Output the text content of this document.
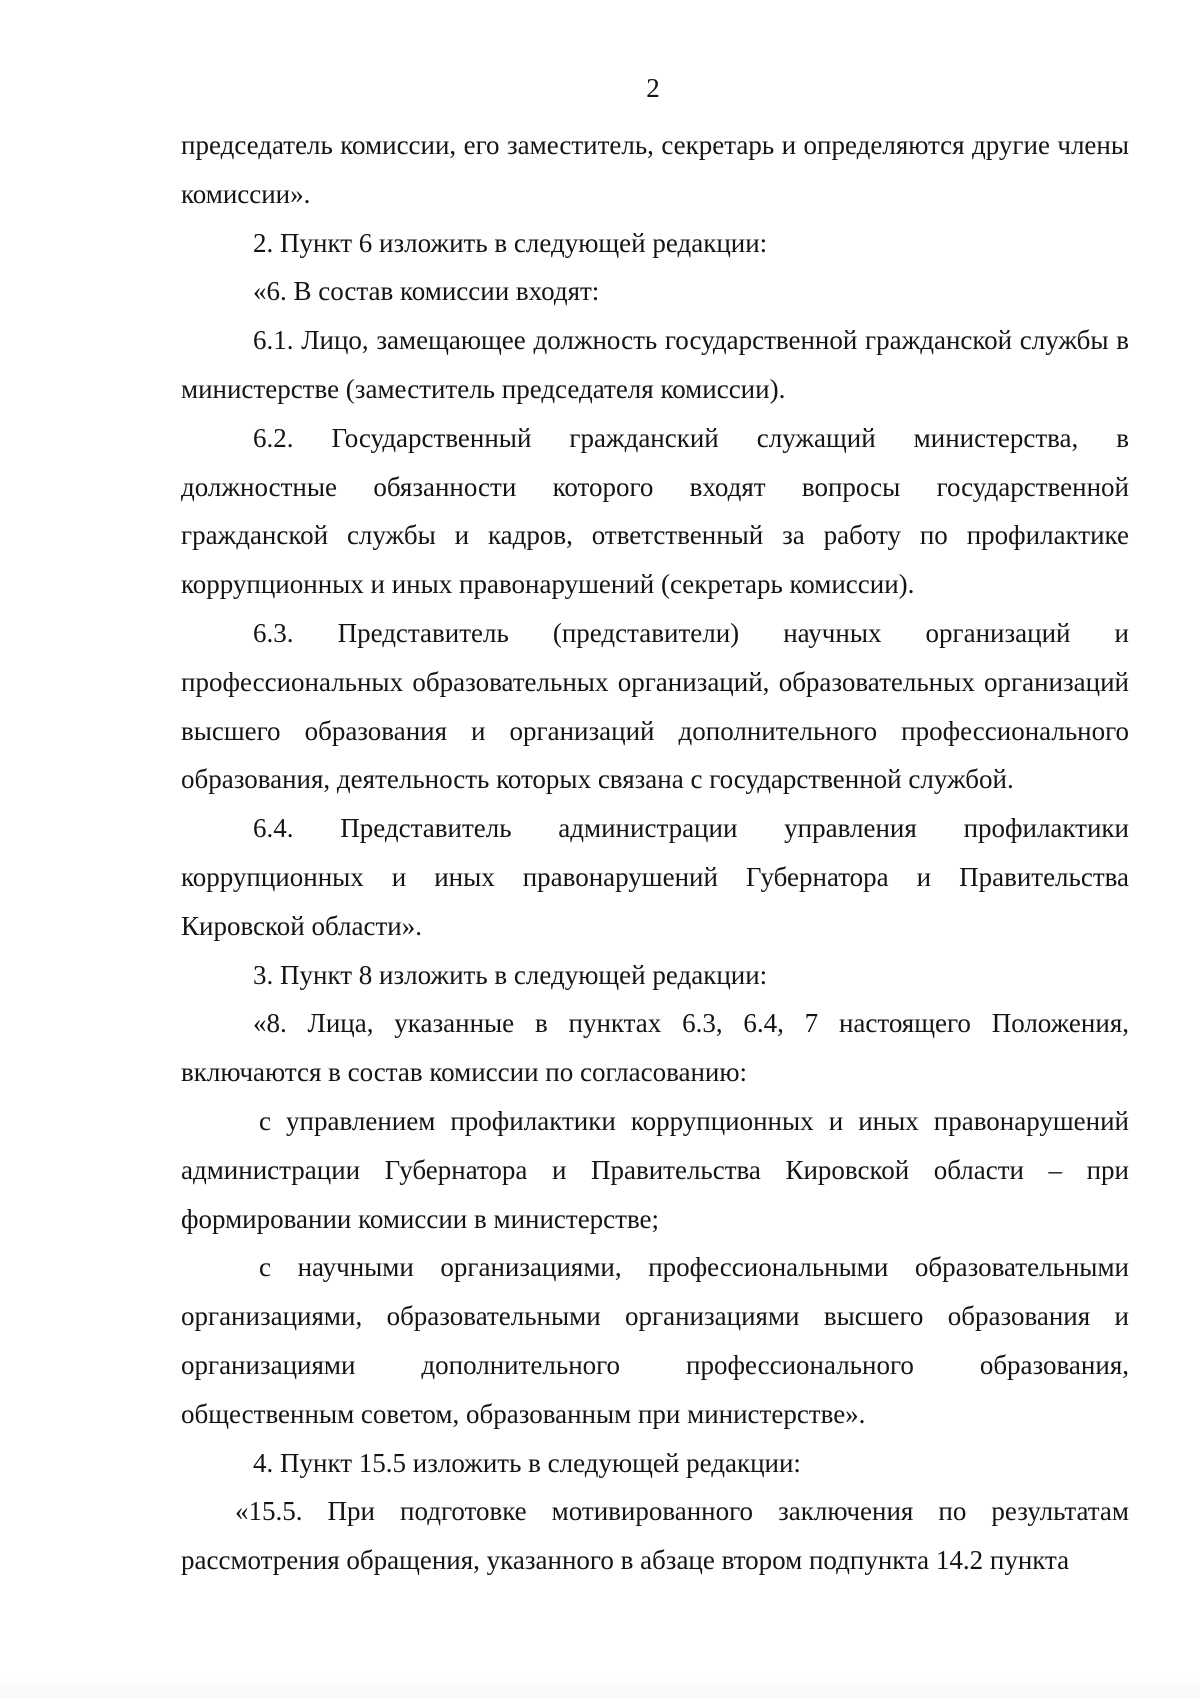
2

председатель комиссии, его заместитель, секретарь и определяются другие члены комиссии».

2. Пункт 6 изложить в следующей редакции:

«6. В состав комиссии входят:

6.1. Лицо, замещающее должность государственной гражданской службы в министерстве (заместитель председателя комиссии).

6.2. Государственный гражданский служащий министерства, в должностные обязанности которого входят вопросы государственной гражданской службы и кадров, ответственный за работу по профилактике коррупционных и иных правонарушений (секретарь комиссии).

6.3. Представитель (представители) научных организаций и профессиональных образовательных организаций, образовательных организаций высшего образования и организаций дополнительного профессионального образования, деятельность которых связана с государственной службой.

6.4. Представитель администрации управления профилактики коррупционных и иных правонарушений Губернатора и Правительства Кировской области».

3. Пункт 8 изложить в следующей редакции:

«8. Лица, указанные в пунктах 6.3, 6.4, 7 настоящего Положения, включаются в состав комиссии по согласованию:

с управлением профилактики коррупционных и иных правонарушений администрации Губернатора и Правительства Кировской области – при формировании комиссии в министерстве;

с научными организациями, профессиональными образовательными организациями, образовательными организациями высшего образования и организациями дополнительного профессионального образования, общественным советом, образованным при министерстве».

4. Пункт 15.5 изложить в следующей редакции:

«15.5. При подготовке мотивированного заключения по результатам рассмотрения обращения, указанного в абзаце втором подпункта 14.2 пункта
